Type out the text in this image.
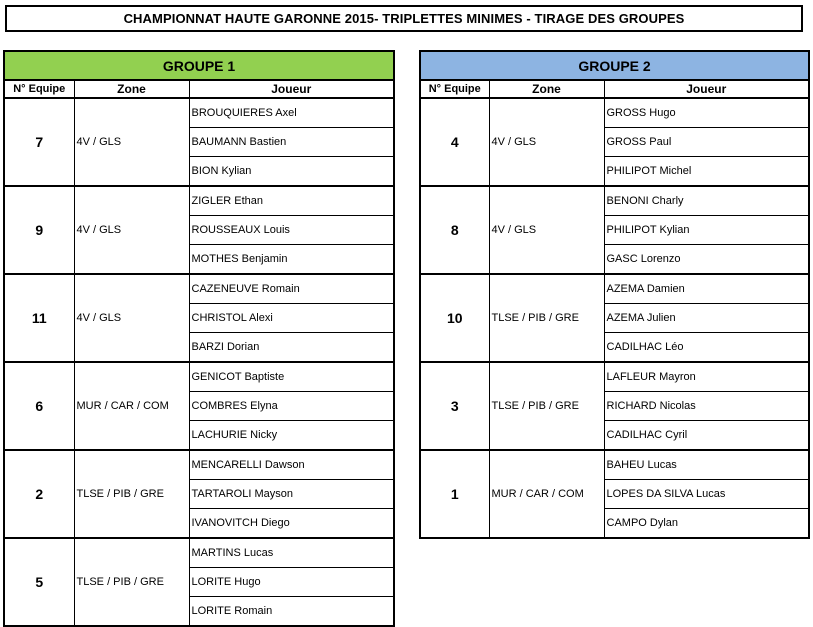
CHAMPIONNAT HAUTE GARONNE 2015- TRIPLETTES MINIMES - TIRAGE DES GROUPES
GROUPE 1		
N° Equipe	Zone	Joueur
7	4V / GLS	BROUQUIERES Axel
		BAUMANN Bastien
		BION Kylian
9	4V / GLS	ZIGLER Ethan
		ROUSSEAUX Louis
		MOTHES Benjamin
11	4V / GLS	CAZENEUVE Romain
		CHRISTOL Alexi
		BARZI Dorian
6	MUR / CAR / COM	GENICOT Baptiste
		COMBRES Elyna
		LACHURIE Nicky
2	TLSE / PIB / GRE	MENCARELLI Dawson
		TARTAROLI Mayson
		IVANOVITCH Diego
5	TLSE / PIB / GRE	MARTINS Lucas
		LORITE Hugo
		LORITE Romain
GROUPE 2		
N° Equipe	Zone	Joueur
4	4V / GLS	GROSS Hugo
		GROSS Paul
		PHILIPOT Michel
8	4V / GLS	BENONI Charly
		PHILIPOT Kylian
		GASC Lorenzo
10	TLSE / PIB / GRE	AZEMA Damien
		AZEMA Julien
		CADILHAC Léo
3	TLSE / PIB / GRE	LAFLEUR Mayron
		RICHARD Nicolas
		CADILHAC Cyril
1	MUR / CAR / COM	BAHEU Lucas
		LOPES DA SILVA Lucas
		CAMPO Dylan
